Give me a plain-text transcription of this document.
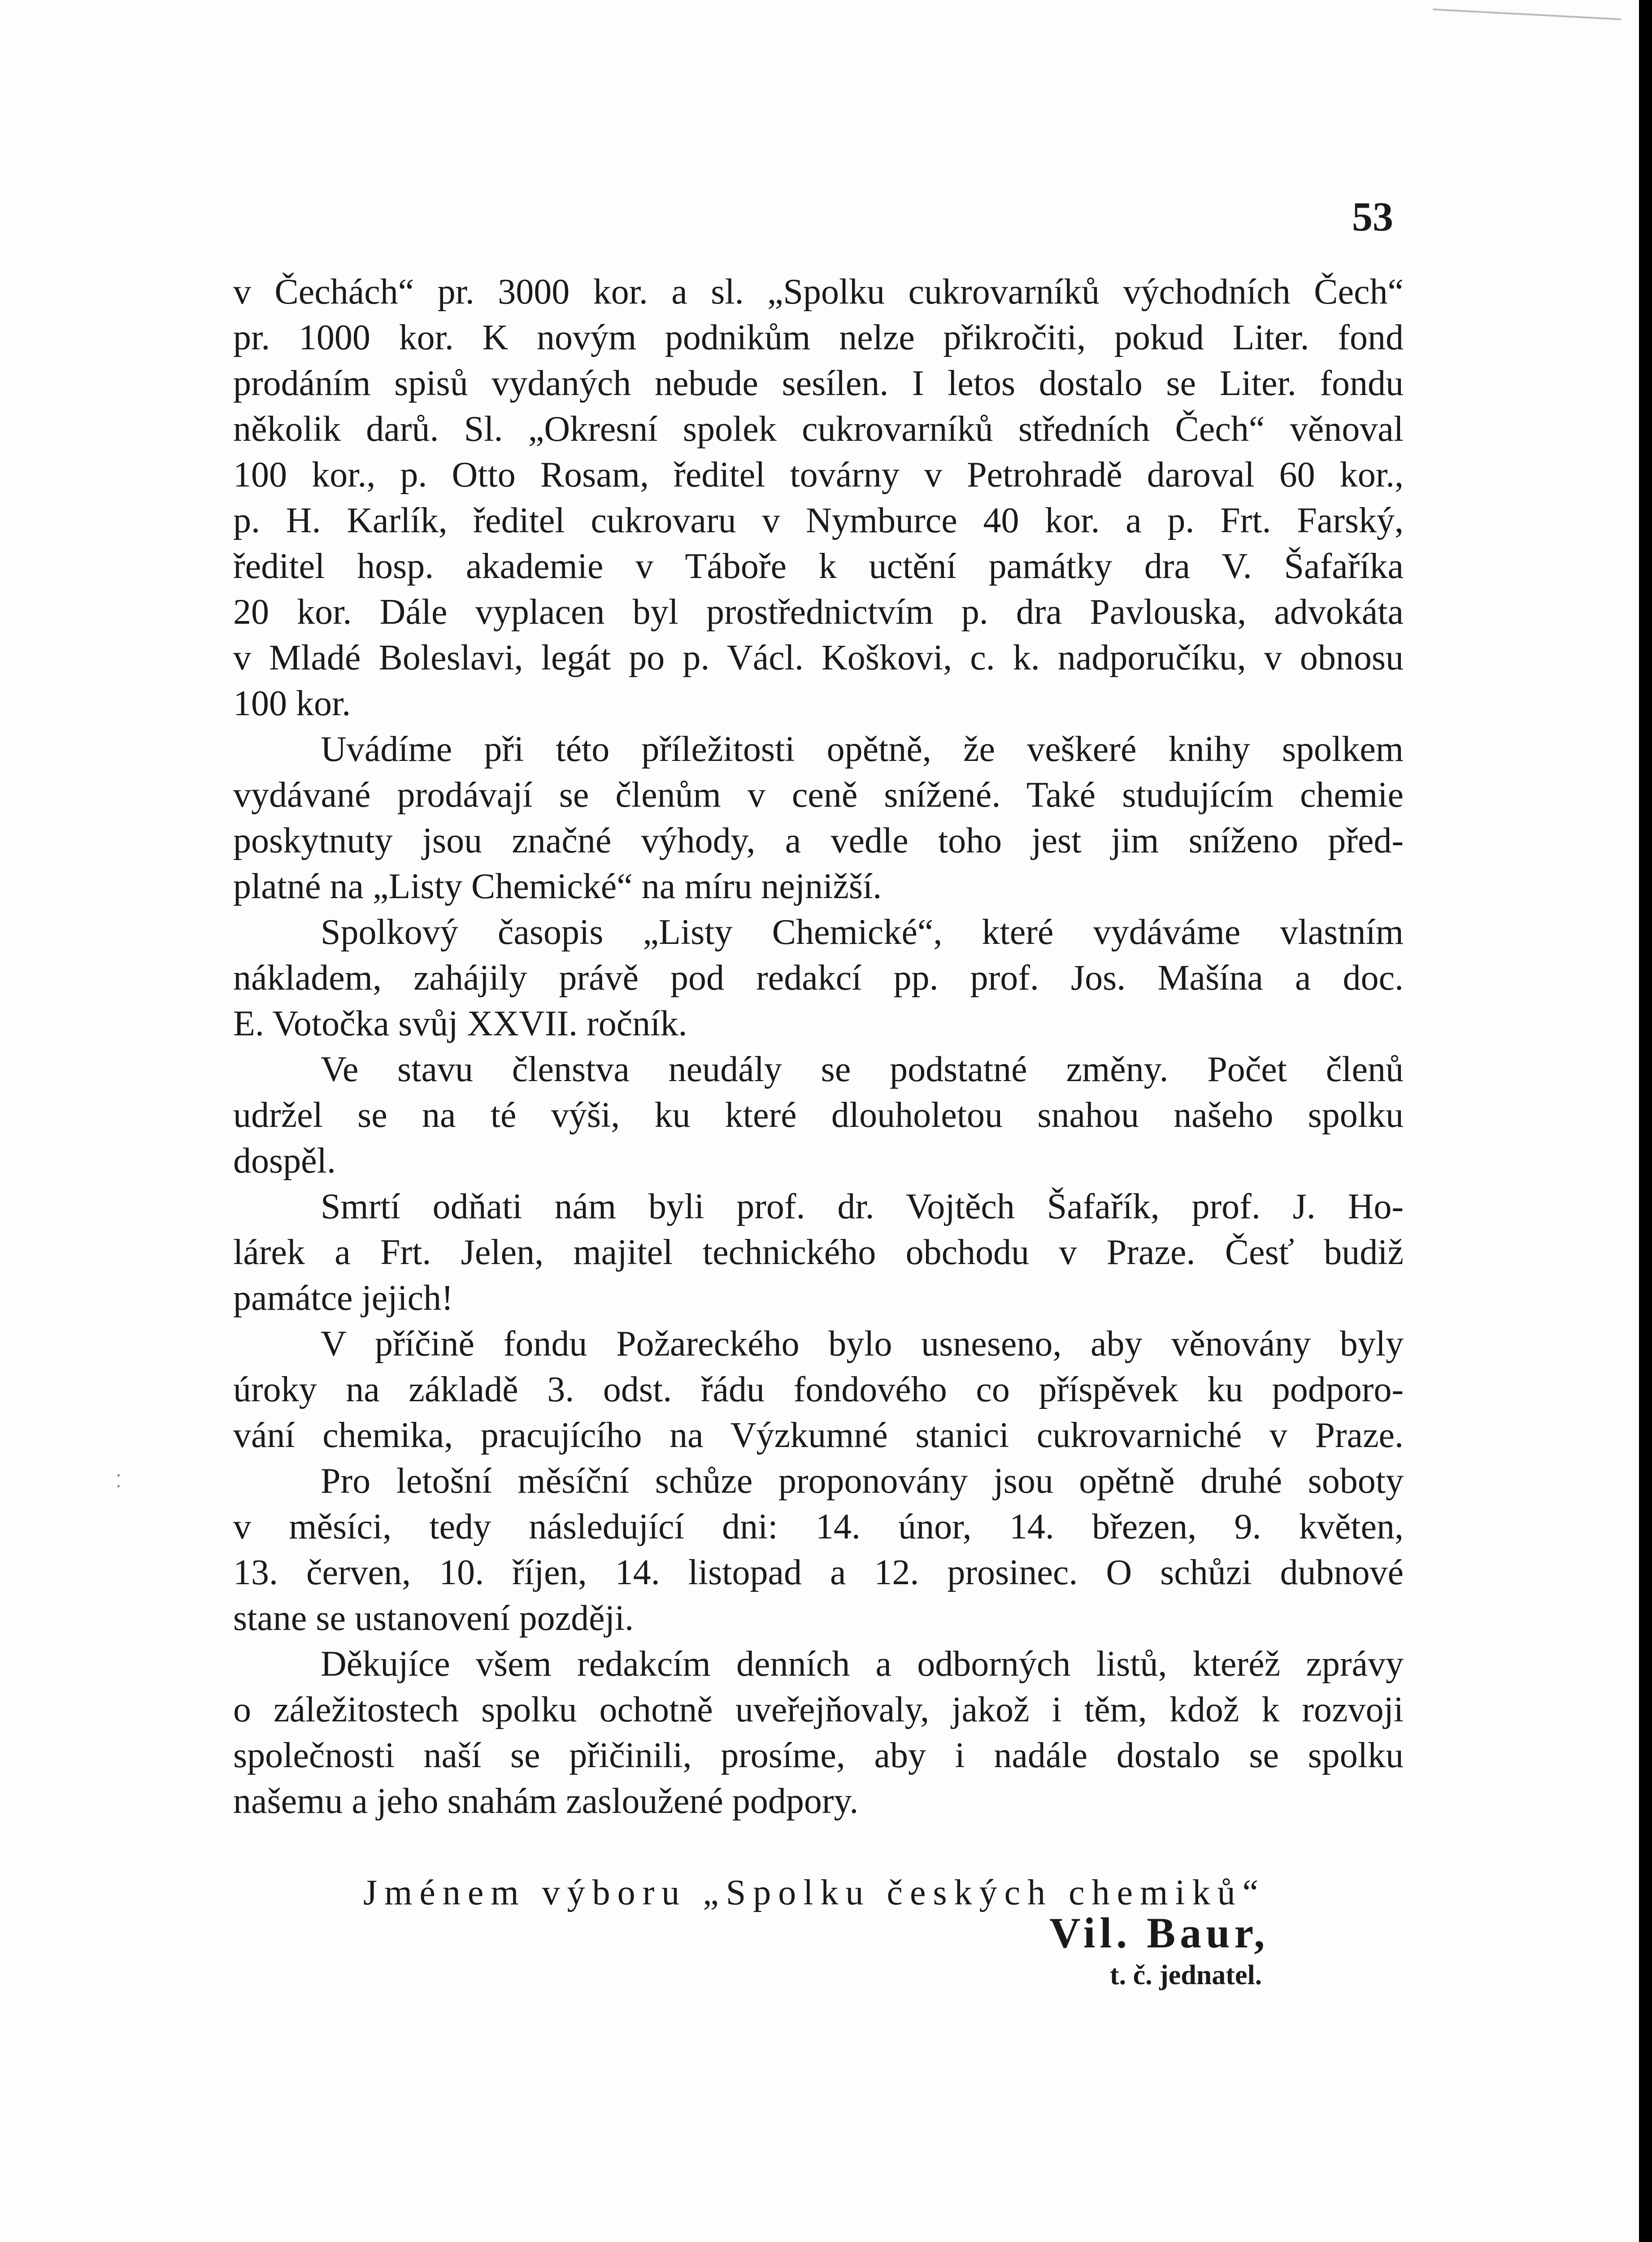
53
v Čechách“ pr. 3000 kor. a sl. „Spolku cukrovarníků východních Čech“
pr. 1000 kor. K novým podnikům nelze přikročiti, pokud Liter. fond
prodáním spisů vydaných nebude sesílen. I letos dostalo se Liter. fondu
několik darů. Sl. „Okresní spolek cukrovarníků středních Čech“ věnoval
100 kor., p. Otto Rosam, ředitel továrny v Petrohradě daroval 60 kor.,
p. H. Karlík, ředitel cukrovaru v Nymburce 40 kor. a p. Frt. Farský,
ředitel hosp. akademie v Táboře k uctění památky dra V. Šafaříka
20 kor. Dále vyplacen byl prostřednictvím p. dra Pavlouska, advokáta
v Mladé Boleslavi, legát po p. Václ. Koškovi, c. k. nadporučíku, v obnosu
100 kor.
Uvádíme při této příležitosti opětně, že veškeré knihy spolkem
vydávané prodávají se členům v ceně snížené. Také studujícím chemie
poskytnuty jsou značné výhody, a vedle toho jest jim sníženo před-
platné na „Listy Chemické“ na míru nejnižší.
Spolkový časopis „Listy Chemické“, které vydáváme vlastním
nákladem, zahájily právě pod redakcí pp. prof. Jos. Mašína a doc.
E. Votočka svůj XXVII. ročník.
Ve stavu členstva neudály se podstatné změny. Počet členů
udržel se na té výši, ku které dlouholetou snahou našeho spolku
dospěl.
Smrtí odňati nám byli prof. dr. Vojtěch Šafařík, prof. J. Ho-
lárek a Frt. Jelen, majitel technického obchodu v Praze. Česť budiž
památce jejich!
V příčině fondu Požareckého bylo usneseno, aby věnovány byly
úroky na základě 3. odst. řádu fondového co příspěvek ku podporo-
vání chemika, pracujícího na Výzkumné stanici cukrovarniché v Praze.
Pro letošní měsíční schůze proponovány jsou opětně druhé soboty
v měsíci, tedy následující dni: 14. únor, 14. březen, 9. květen,
13. červen, 10. říjen, 14. listopad a 12. prosinec. O schůzi dubnové
stane se ustanovení později.
Děkujíce všem redakcím denních a odborných listů, kteréž zprávy
o záležitostech spolku ochotně uveřejňovaly, jakož i těm, kdož k rozvoji
společnosti naší se přičinili, prosíme, aby i nadále dostalo se spolku
našemu a jeho snahám zasloužené podpory.
Jménem výboru „Spolku českých chemiků“
Vil. Baur,
t. č. jednatel.
⁚
